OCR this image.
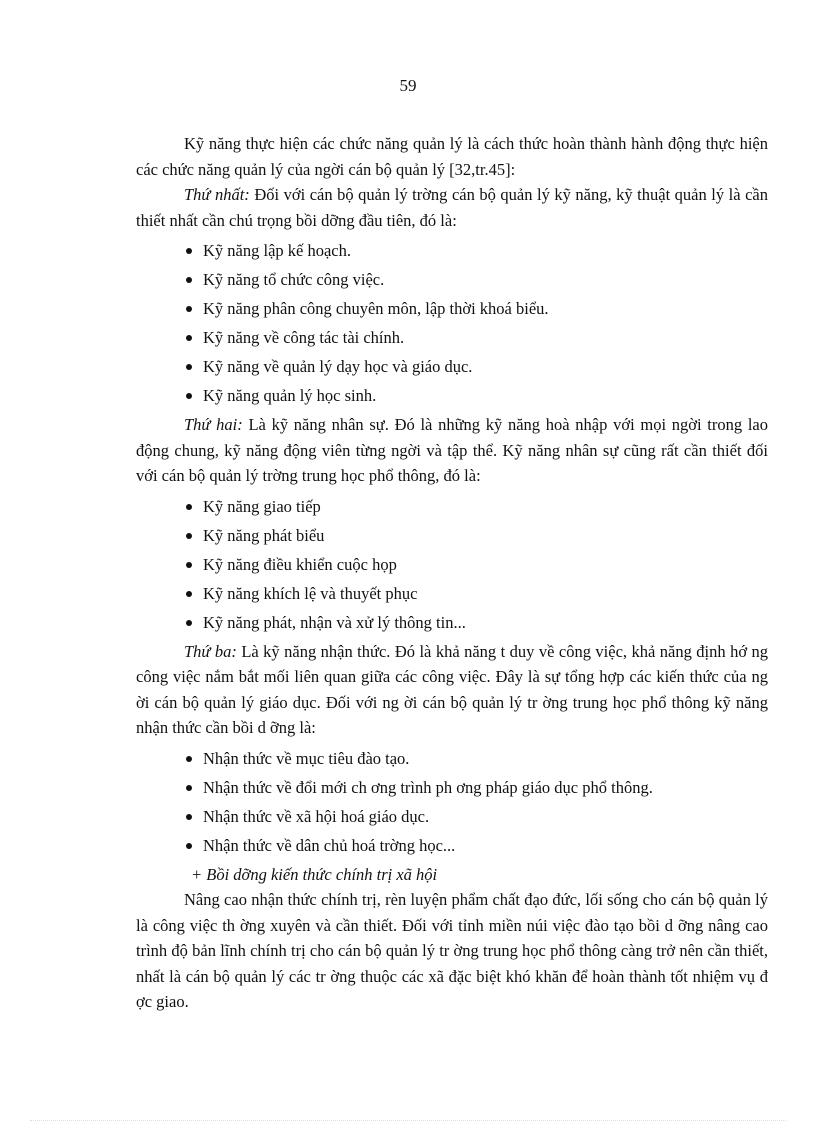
59

Kỹ năng thực hiện các chức năng quản lý là cách thức hoàn thành hành động thực hiện các chức năng quản lý của ngời cán bộ quản lý [32,tr.45]:

Thứ nhất: Đối với cán bộ quản lý trờng cán bộ quản lý kỹ năng, kỹ thuật quản lý là cần thiết nhất cần chú trọng bồi dỡng đầu tiên, đó là:

Kỹ năng lập kế hoạch.
Kỹ năng tổ chức công việc.
Kỹ năng phân công chuyên môn, lập thời khoá biểu.
Kỹ năng về công tác tài chính.
Kỹ năng về quản lý dạy học và giáo dục.
Kỹ năng quản lý học sinh.

Thứ hai: Là kỹ năng nhân sự. Đó là những kỹ năng hoà nhập với mọi ngời trong lao động chung, kỹ năng động viên từng ngời và tập thể. Kỹ năng nhân sự cũng rất cần thiết đối với cán bộ quản lý trờng trung học phổ thông, đó là:

Kỹ năng giao tiếp
Kỹ năng phát biểu
Kỹ năng điều khiển cuộc họp
Kỹ năng khích lệ và thuyết phục
Kỹ năng phát, nhận và xử lý thông tin...

Thứ ba: Là kỹ năng nhận thức. Đó là khả năng t duy về công việc, khả năng định hớ ng công việc nắm bắt mối liên quan giữa các công việc. Đây là sự tổng hợp các kiến thức của ng ời cán bộ quản lý giáo dục. Đối với ng ời cán bộ quản lý tr ờng trung học phổ thông kỹ năng nhận thức cần bồi d ỡng là:

Nhận thức về mục tiêu đào tạo.
Nhận thức về đổi mới ch ơng trình ph ơng pháp giáo dục phổ thông.
Nhận thức về xã hội hoá giáo dục.
Nhận thức về dân chủ hoá trờng học...

+ Bồi dỡng kiến thức chính trị xã hội

Nâng cao nhận thức chính trị, rèn luyện phẩm chất đạo đức, lối sống cho cán bộ quản lý là công việc th ờng xuyên và cần thiết. Đối với tỉnh miền núi việc đào tạo bồi d ỡng nâng cao trình độ bản lĩnh chính trị cho cán bộ quản lý tr ờng trung học phổ thông càng trở nên cần thiết, nhất là cán bộ quản lý các tr ờng thuộc các xã đặc biệt khó khăn để hoàn thành tốt nhiệm vụ đ ợc giao.
